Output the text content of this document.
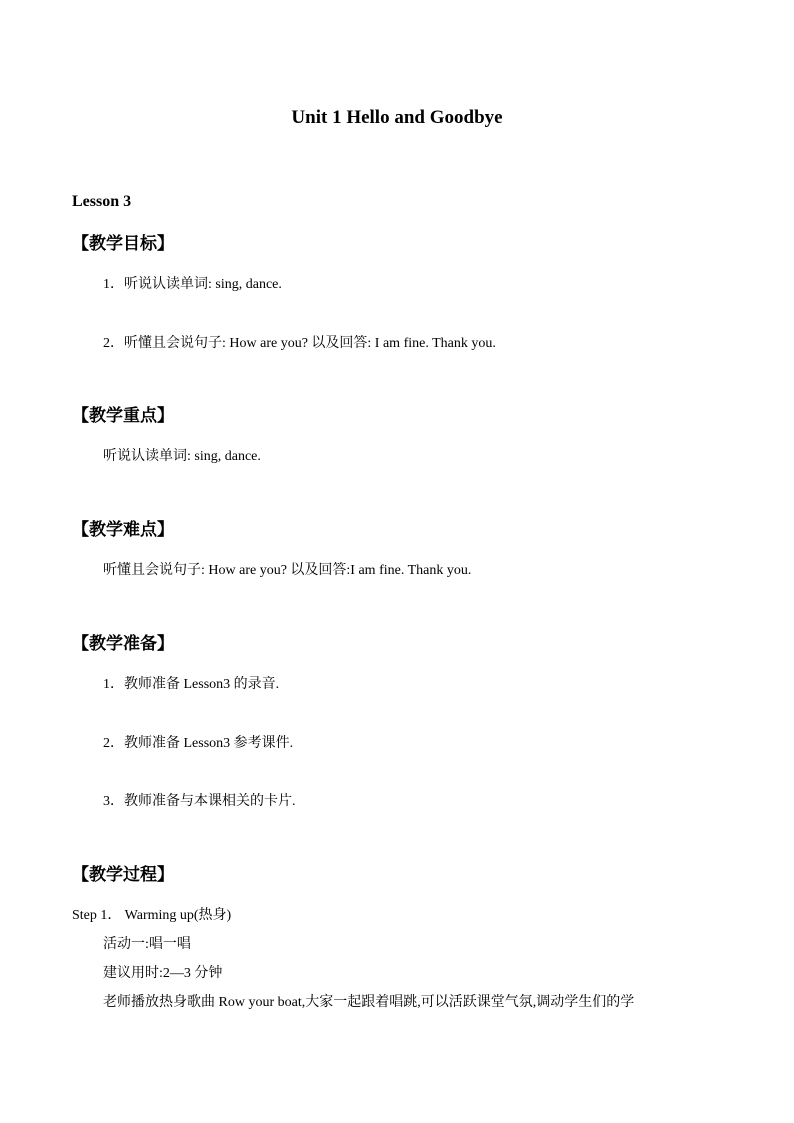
Unit 1 Hello and Goodbye
Lesson 3
【教学目标】
1．听说认读单词: sing, dance.
2．听懂且会说句子: How are you? 以及回答: I am fine. Thank you.
【教学重点】
听说认读单词: sing, dance.
【教学难点】
听懂且会说句子: How are you? 以及回答:I am fine. Thank you.
【教学准备】
1．教师准备 Lesson3 的录音.
2．教师准备 Lesson3 参考课件.
3．教师准备与本课相关的卡片.
【教学过程】
Step 1． Warming up(热身)
活动一:唱一唱
建议用时:2—3 分钟
老师播放热身歌曲 Row your boat,大家一起跟着唱跳,可以活跃课堂气氛,调动学生们的学
